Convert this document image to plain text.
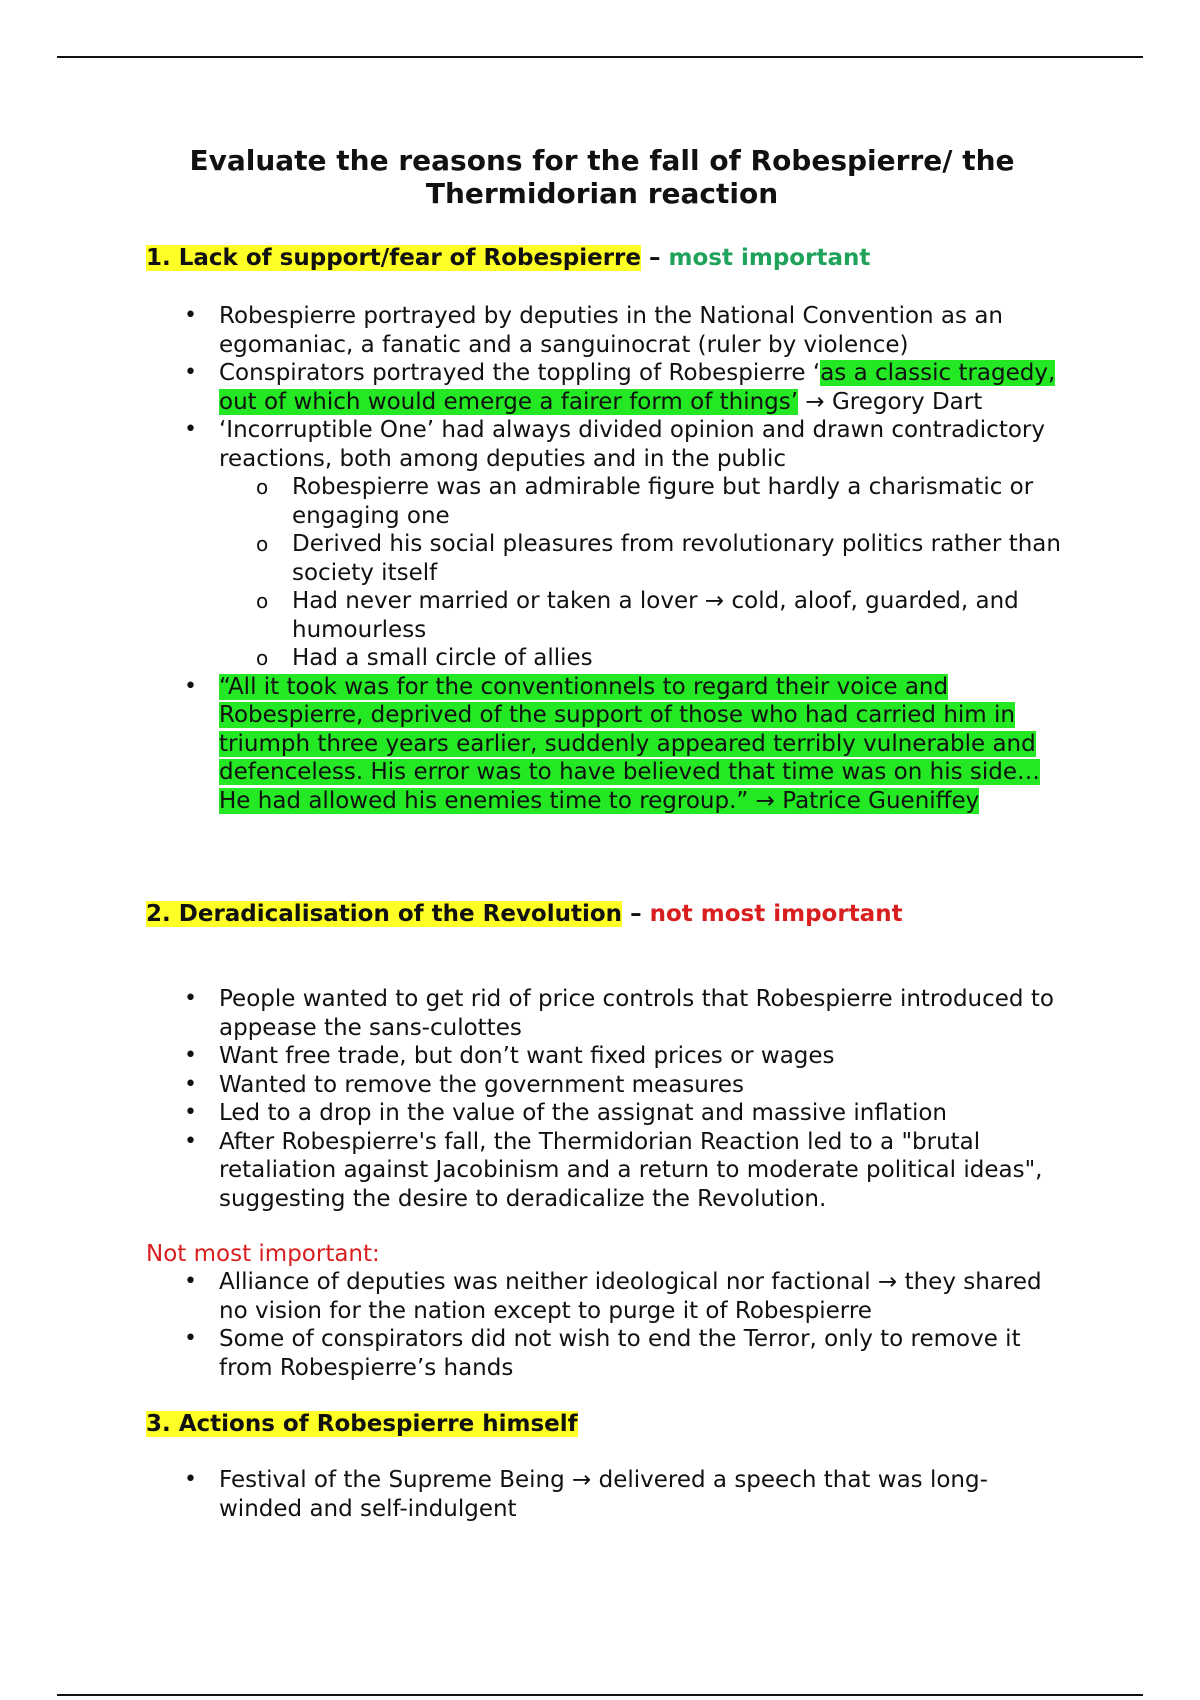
Evaluate the reasons for the fall of Robespierre/ the Thermidorian reaction

1. Lack of support/fear of Robespierre – most important

• Robespierre portrayed by deputies in the National Convention as an egomaniac, a fanatic and a sanguinocrat (ruler by violence)
• Conspirators portrayed the toppling of Robespierre ‘as a classic tragedy, out of which would emerge a fairer form of things’ → Gregory Dart
• ‘Incorruptible One’ had always divided opinion and drawn contradictory reactions, both among deputies and in the public
o Robespierre was an admirable figure but hardly a charismatic or engaging one
o Derived his social pleasures from revolutionary politics rather than society itself
o Had never married or taken a lover → cold, aloof, guarded, and humourless
o Had a small circle of allies
• “All it took was for the conventionnels to regard their voice and Robespierre, deprived of the support of those who had carried him in triumph three years earlier, suddenly appeared terribly vulnerable and defenceless. His error was to have believed that time was on his side… He had allowed his enemies time to regroup.” → Patrice Gueniffey

2. Deradicalisation of the Revolution – not most important

• People wanted to get rid of price controls that Robespierre introduced to appease the sans-culottes
• Want free trade, but don’t want fixed prices or wages
• Wanted to remove the government measures
• Led to a drop in the value of the assignat and massive inflation
• After Robespierre's fall, the Thermidorian Reaction led to a "brutal retaliation against Jacobinism and a return to moderate political ideas", suggesting the desire to deradicalize the Revolution.

Not most important:

• Alliance of deputies was neither ideological nor factional → they shared no vision for the nation except to purge it of Robespierre
• Some of conspirators did not wish to end the Terror, only to remove it from Robespierre’s hands

3. Actions of Robespierre himself

• Festival of the Supreme Being → delivered a speech that was long-winded and self-indulgent
